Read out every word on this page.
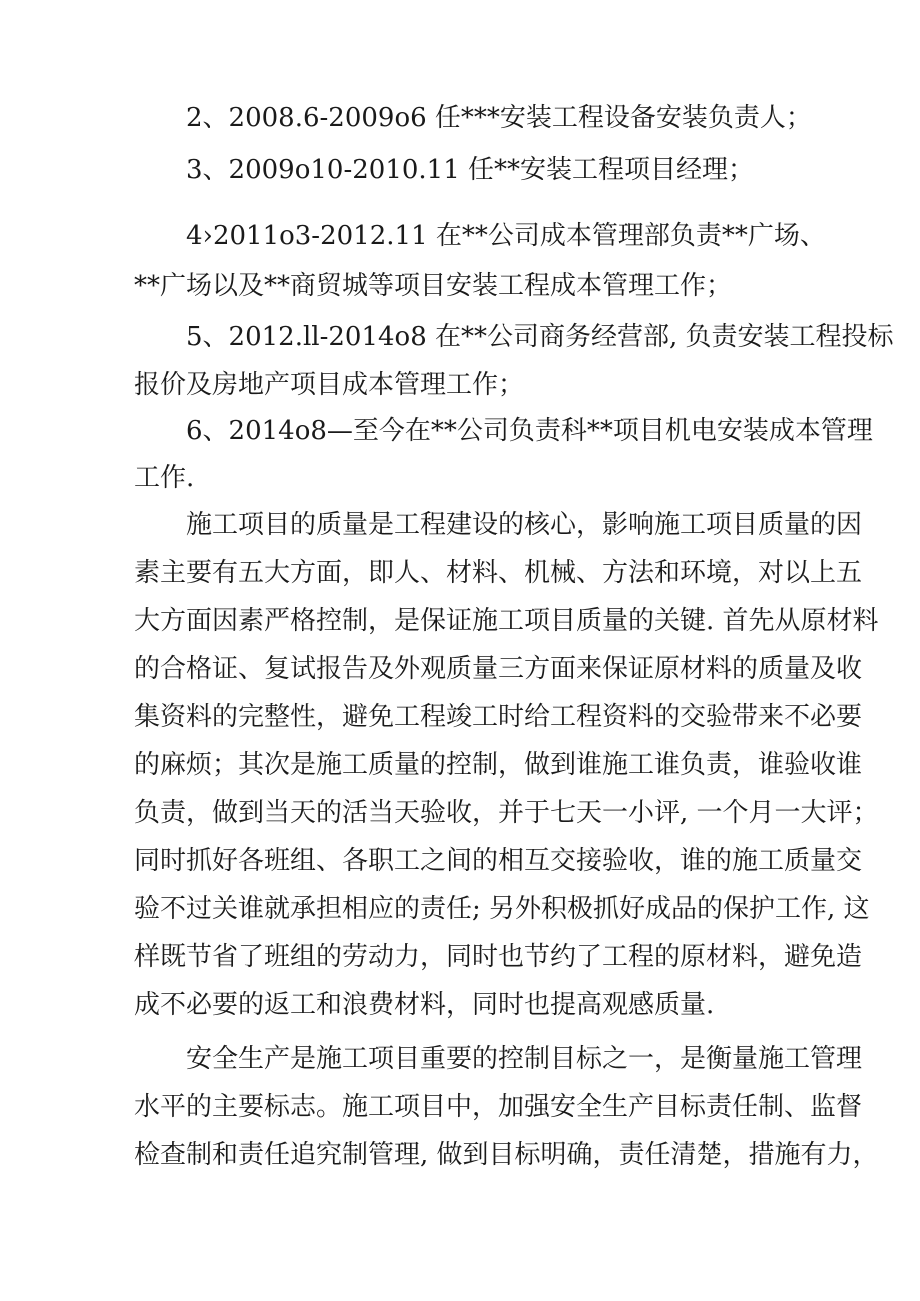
2、2008.6-2009o6 任***安装工程设备安装负责人；
3、2009o10-2010.11 任**安装工程项目经理；
4›2011o3-2012.11 在**公司成本管理部负责**广场、
**广场以及**商贸城等项目安装工程成本管理工作；
5、2012.ll-2014o8 在**公司商务经营部, 负责安装工程投标
报价及房地产项目成本管理工作；
6、2014o8—至今在**公司负责科**项目机电安装成本管理
工作.
施工项目的质量是工程建设的核心，影响施工项目质量的因
素主要有五大方面，即人、材料、机械、方法和环境，对以上五
大方面因素严格控制，是保证施工项目质量的关键. 首先从原材料
的合格证、复试报告及外观质量三方面来保证原材料的质量及收
集资料的完整性，避免工程竣工时给工程资料的交验带来不必要
的麻烦；其次是施工质量的控制，做到谁施工谁负责，谁验收谁
负责，做到当天的活当天验收，并于七天一小评, 一个月一大评；
同时抓好各班组、各职工之间的相互交接验收，谁的施工质量交
验不过关谁就承担相应的责任; 另外积极抓好成品的保护工作, 这
样既节省了班组的劳动力，同时也节约了工程的原材料，避免造
成不必要的返工和浪费材料，同时也提高观感质量.
安全生产是施工项目重要的控制目标之一，是衡量施工管理
水平的主要标志。施工项目中，加强安全生产目标责任制、监督
检查制和责任追究制管理, 做到目标明确，责任清楚，措施有力，
